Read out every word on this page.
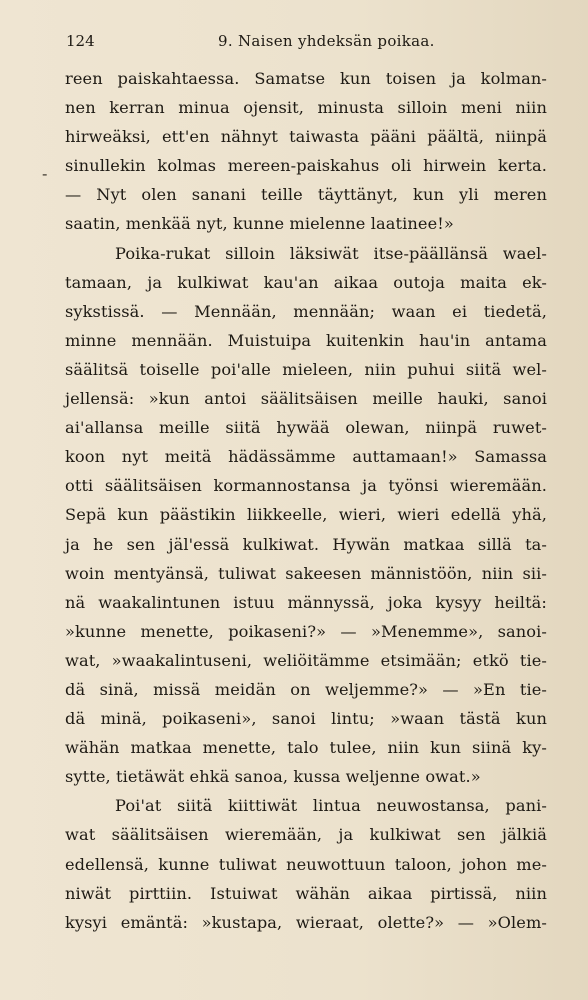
124	9. Naisen yhdeksän poikaa.
-
reen paiskahtaessa. Samatse kun toisen ja kolman-
nen kerran minua ojensit, minusta silloin meni niin
hirweäksi, ett'en nähnyt taiwasta pääni päältä, niinpä
sinullekin kolmas mereen-paiskahus oli hirwein kerta.
— Nyt olen sanani teille täyttänyt, kun yli meren
saatin, menkää nyt, kunne mielenne laatinee!»
Poika-rukat silloin läksiwät itse-päällänsä wael-
tamaan, ja kulkiwat kau'an aikaa outoja maita ek-
sykstissä. — Mennään, mennään; waan ei tiedetä,
minne mennään. Muistuipa kuitenkin hau'in antama
säälitsä toiselle poi'alle mieleen, niin puhui siitä wel-
jellensä: »kun antoi säälitsäisen meille hauki, sanoi
ai'allansa meille siitä hywää olewan, niinpä ruwet-
koon nyt meitä hädässämme auttamaan!» Samassa
otti säälitsäisen kormannostansa ja työnsi wieremään.
Sepä kun päästikin liikkeelle, wieri, wieri edellä yhä,
ja he sen jäl'essä kulkiwat. Hywän matkaa sillä ta-
woin mentyänsä, tuliwat sakeesen männistöön, niin sii-
nä waakalintunen istuu männyssä, joka kysyy heiltä:
»kunne menette, poikaseni?» — »Menemme», sanoi-
wat, »waakalintuseni, weliöitämme etsimään; etkö tie-
dä sinä, missä meidän on weljemme?» — »En tie-
dä minä, poikaseni», sanoi lintu; »waan tästä kun
wähän matkaa menette, talo tulee, niin kun siinä ky-
sytte, tietäwät ehkä sanoa, kussa weljenne owat.»
Poi'at siitä kiittiwät lintua neuwostansa, pani-
wat säälitsäisen wieremään, ja kulkiwat sen jälkiä
edellensä, kunne tuliwat neuwottuun taloon, johon me-
niwät pirttiin. Istuiwat wähän aikaa pirtissä, niin
kysyi emäntä: »kustapa, wieraat, olette?» — »Olem-
